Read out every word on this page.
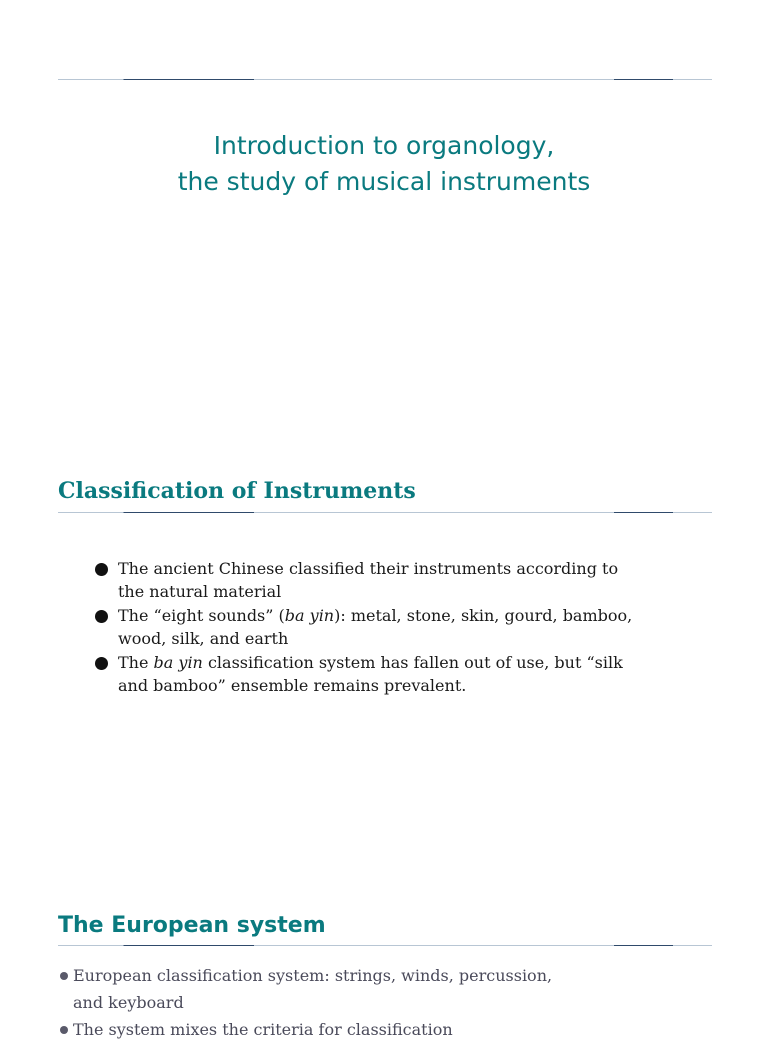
Introduction to organology,
the study of musical instruments
Classification of Instruments
The ancient Chinese classified their instruments according to the natural material
The “eight sounds” (ba yin): metal, stone, skin, gourd, bamboo, wood, silk, and earth
The ba yin classification system has fallen out of use, but “silk and bamboo” ensemble remains prevalent.
The European system
European classification system: strings, winds, percussion, and keyboard
The system mixes the criteria for classification
